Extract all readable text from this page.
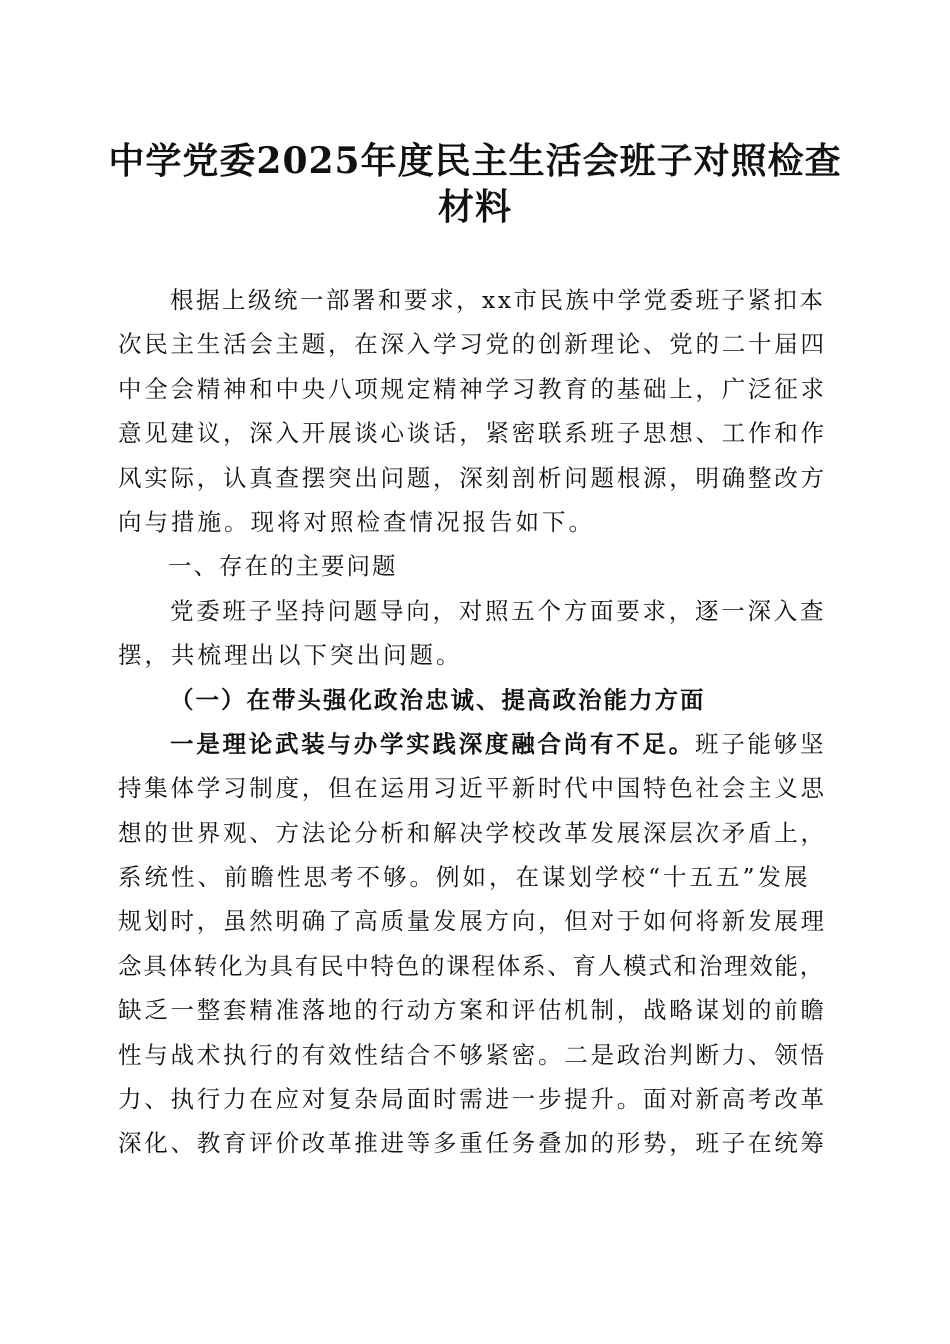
中学党委2025年度民主生活会班子对照检查
材料
根据上级统一部署和要求，xx市民族中学党委班子紧扣本
次民主生活会主题，在深入学习党的创新理论、党的二十届四
中全会精神和中央八项规定精神学习教育的基础上，广泛征求
意见建议，深入开展谈心谈话，紧密联系班子思想、工作和作
风实际，认真查摆突出问题，深刻剖析问题根源，明确整改方
向与措施。现将对照检查情况报告如下。
一、存在的主要问题
党委班子坚持问题导向，对照五个方面要求，逐一深入查
摆，共梳理出以下突出问题。
（一）在带头强化政治忠诚、提高政治能力方面
一是理论武装与办学实践深度融合尚有不足。班子能够坚
持集体学习制度，但在运用习近平新时代中国特色社会主义思
想的世界观、方法论分析和解决学校改革发展深层次矛盾上，
系统性、前瞻性思考不够。例如，在谋划学校“十五五”发展
规划时，虽然明确了高质量发展方向，但对于如何将新发展理
念具体转化为具有民中特色的课程体系、育人模式和治理效能，
缺乏一整套精准落地的行动方案和评估机制，战略谋划的前瞻
性与战术执行的有效性结合不够紧密。二是政治判断力、领悟
力、执行力在应对复杂局面时需进一步提升。面对新高考改革
深化、教育评价改革推进等多重任务叠加的形势，班子在统筹
